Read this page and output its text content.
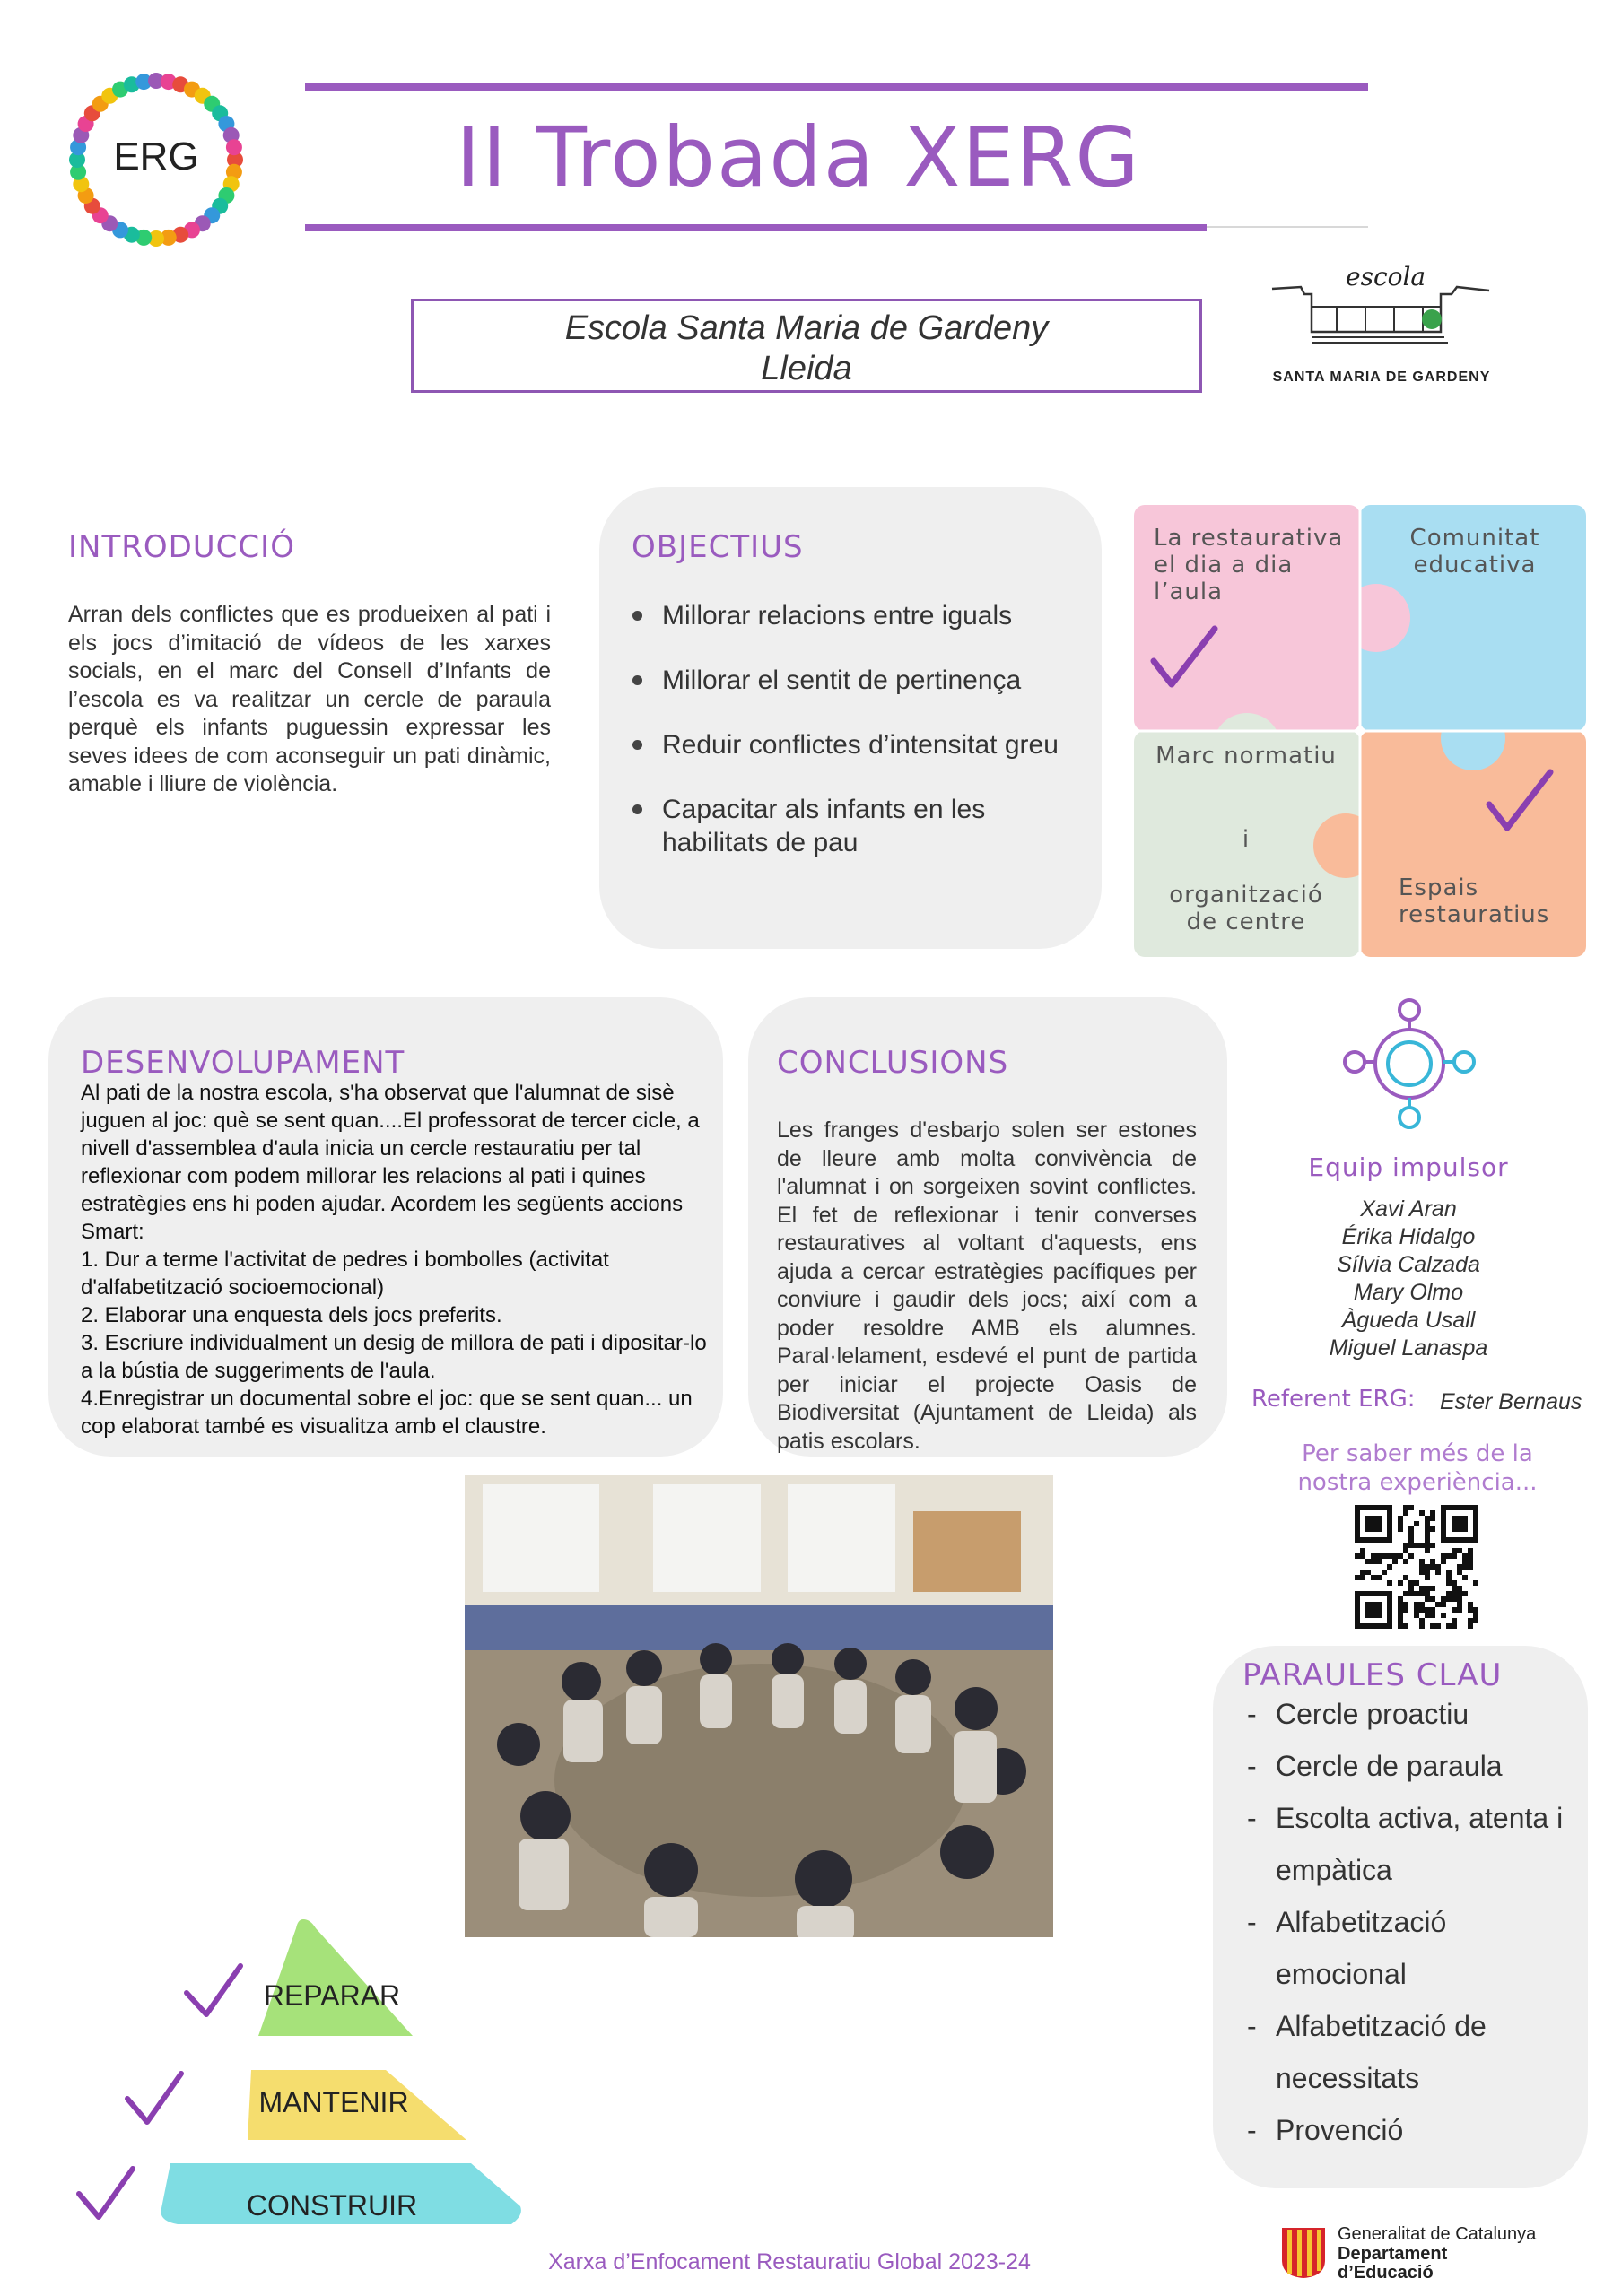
ERG	II Trobada XERG
Escola Santa Maria de Gardeny
Lleida
escola
SANTA MARIA DE GARDENY
INTRODUCCIÓ
Arran dels conflictes que es produeixen al pati i els jocs d’imitació de vídeos de les xarxes socials, en el marc del Consell d’Infants de l’escola es va realitzar un cercle de paraula perquè els infants puguessin expressar les seves idees de com aconseguir un pati dinàmic, amable i lliure de violència.
OBJECTIUS
Millorar relacions entre iguals
Millorar el sentit de pertinença
Reduir conflictes d’intensitat greu
Capacitar als infants en les habilitats de pau
La restaurativa el dia a dia l’aula
Comunitat educativa
Marc normatiu
i
organització de centre
Espais restauratius
DESENVOLUPAMENT
Al pati de la nostra escola, s'ha observat que l'alumnat de sisè juguen al joc: què se sent quan....El professorat de tercer cicle, a nivell d'assemblea d'aula inicia un cercle restauratiu per tal reflexionar com podem millorar les relacions al pati i quines estratègies ens hi poden ajudar. Acordem les següents accions Smart:
1. Dur a terme l'activitat de pedres i bombolles (activitat d'alfabetització socioemocional)
2. Elaborar una enquesta dels jocs preferits.
3. Escriure individualment un desig de millora de pati i dipositar-lo a la bústia de suggeriments de l'aula.
4.Enregistrar un documental sobre el joc: que se sent quan... un cop elaborat també es visualitza amb el claustre.
CONCLUSIONS
Les franges d'esbarjo solen ser estones de lleure amb molta convivència de l'alumnat i on sorgeixen sovint conflictes. El fet de reflexionar i tenir converses restauratives al voltant d'aquests, ens ajuda a cercar estratègies pacífiques per conviure i gaudir dels jocs; així com a poder resoldre AMB els alumnes. Paral·lelament, esdevé el punt de partida per iniciar el projecte Oasis de Biodiversitat (Ajuntament de Lleida) als patis escolars.
Equip impulsor
Xavi Aran
Érika Hidalgo
Sílvia Calzada
Mary Olmo
Àgueda Usall
Miguel Lanaspa
Referent ERG: Ester Bernaus
Per saber més de la nostra experiència...
PARAULES CLAU
- Cercle proactiu
- Cercle de paraula
- Escolta activa, atenta i empàtica
- Alfabetització emocional
- Alfabetització de necessitats
- Provenció
REPARAR
MANTENIR
CONSTRUIR
Xarxa d’Enfocament Restauratiu Global 2023-24
Generalitat de Catalunya
Departament
d’Educació
